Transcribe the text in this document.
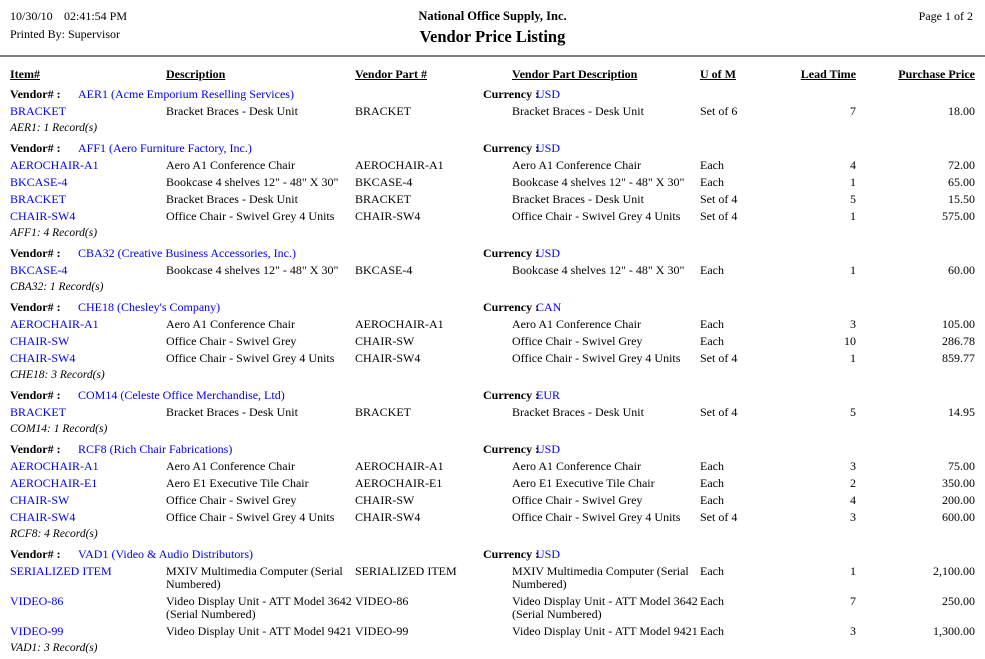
10/30/10 02:41:54 PM	National Office Supply, Inc.	Page 1 of 2
Printed By: Supervisor	Vendor Price Listing
Item#	Description	Vendor Part #	Vendor Part Description	U of M	Lead Time	Purchase Price
Vendor# : AER1 (Acme Emporium Reselling Services)	Currency :
USD
BRACKET	Bracket Braces - Desk Unit	BRACKET	Bracket Braces - Desk Unit	Set of 6	7	18.00
AER1: 1 Record(s)
Vendor# : AFF1 (Aero Furniture Factory, Inc.)	Currency :
USD
AEROCHAIR-A1	Aero A1 Conference Chair	AEROCHAIR-A1	Aero A1 Conference Chair	Each	4	72.00
BKCASE-4	Bookcase 4 shelves 12" - 48" X 30"	BKCASE-4	Bookcase 4 shelves 12" - 48" X 30"	Each	1	65.00
BRACKET	Bracket Braces - Desk Unit	BRACKET	Bracket Braces - Desk Unit	Set of 4	5	15.50
CHAIR-SW4	Office Chair - Swivel Grey 4 Units	CHAIR-SW4	Office Chair - Swivel Grey 4 Units	Set of 4	1	575.00
AFF1: 4 Record(s)
Vendor# : CBA32 (Creative Business Accessories, Inc.)	Currency :
USD
BKCASE-4	Bookcase 4 shelves 12" - 48" X 30"	BKCASE-4	Bookcase 4 shelves 12" - 48" X 30"	Each	1	60.00
CBA32: 1 Record(s)
Vendor# : CHE18 (Chesley's Company)	Currency :
CAN
AEROCHAIR-A1	Aero A1 Conference Chair	AEROCHAIR-A1	Aero A1 Conference Chair	Each	3	105.00
CHAIR-SW	Office Chair - Swivel Grey	CHAIR-SW	Office Chair - Swivel Grey	Each	10	286.78
CHAIR-SW4	Office Chair - Swivel Grey 4 Units	CHAIR-SW4	Office Chair - Swivel Grey 4 Units	Set of 4	1	859.77
CHE18: 3 Record(s)
Vendor# : COM14 (Celeste Office Merchandise, Ltd)	Currency :
EUR
BRACKET	Bracket Braces - Desk Unit	BRACKET	Bracket Braces - Desk Unit	Set of 4	5	14.95
COM14: 1 Record(s)
Vendor# : RCF8 (Rich Chair Fabrications)	Currency :
USD
AEROCHAIR-A1	Aero A1 Conference Chair	AEROCHAIR-A1	Aero A1 Conference Chair	Each	3	75.00
AEROCHAIR-E1	Aero E1 Executive Tile Chair	AEROCHAIR-E1	Aero E1 Executive Tile Chair	Each	2	350.00
CHAIR-SW	Office Chair - Swivel Grey	CHAIR-SW	Office Chair - Swivel Grey	Each	4	200.00
CHAIR-SW4	Office Chair - Swivel Grey 4 Units	CHAIR-SW4	Office Chair - Swivel Grey 4 Units	Set of 4	3	600.00
RCF8: 4 Record(s)
Vendor# : VAD1 (Video & Audio Distributors)	Currency :
USD
SERIALIZED ITEM	MXIV Multimedia Computer (Serial Numbered)
SERIALIZED ITEM	MXIV Multimedia Computer (Serial Numbered)
Each	1	2,100.00
VIDEO-86	Video Display Unit - ATT Model 3642 (Serial Numbered)
VIDEO-86	Video Display Unit - ATT Model 3642 (Serial Numbered)
Each	7	250.00
VIDEO-99	Video Display Unit - ATT Model 9421 VIDEO-99	Video Display Unit - ATT Model 9421 Each	3	1,300.00
VAD1: 3 Record(s)
